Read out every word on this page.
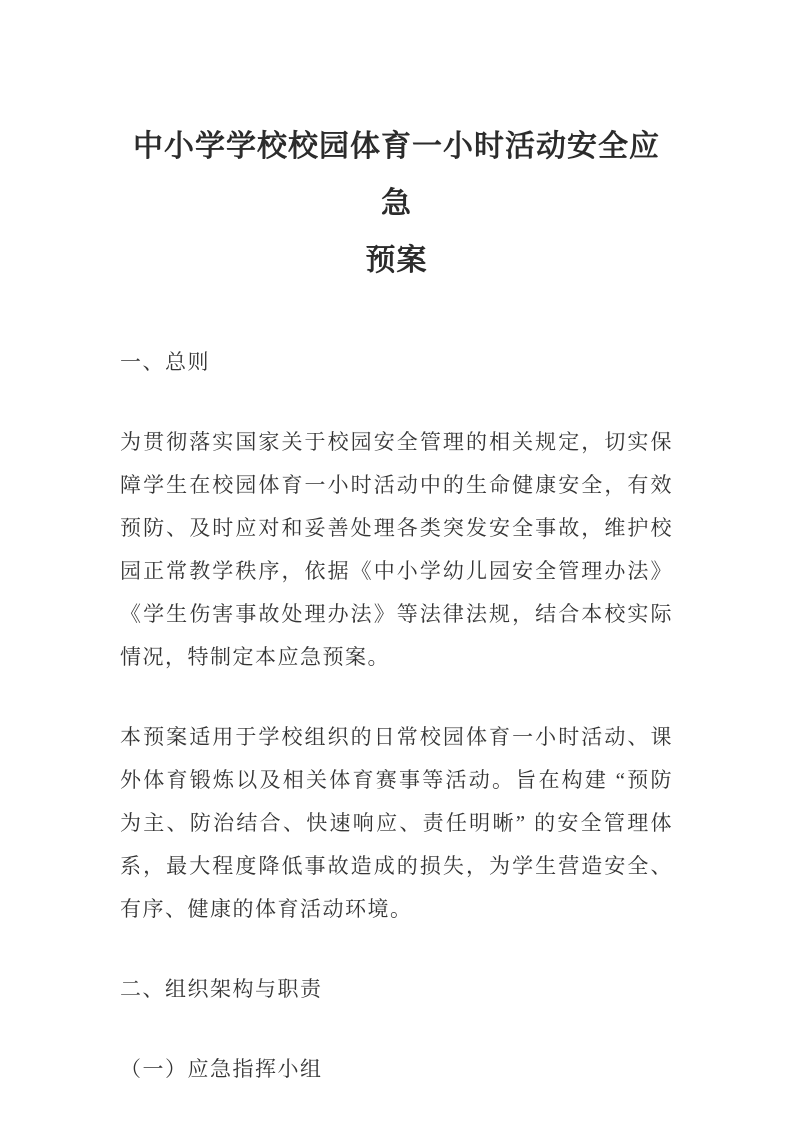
中小学学校校园体育一小时活动安全应急
预案
一、总则

为贯彻落实国家关于校园安全管理的相关规定，切实保障学生在校园体育一小时活动中的生命健康安全，有效预防、及时应对和妥善处理各类突发安全事故，维护校园正常教学秩序，依据《中小学幼儿园安全管理办法》《学生伤害事故处理办法》等法律法规，结合本校实际情况，特制定本应急预案。

本预案适用于学校组织的日常校园体育一小时活动、课外体育锻炼以及相关体育赛事等活动。旨在构建 “预防为主、防治结合、快速响应、责任明晰” 的安全管理体系，最大程度降低事故造成的损失，为学生营造安全、有序、健康的体育活动环境。

二、组织架构与职责
（一）应急指挥小组
